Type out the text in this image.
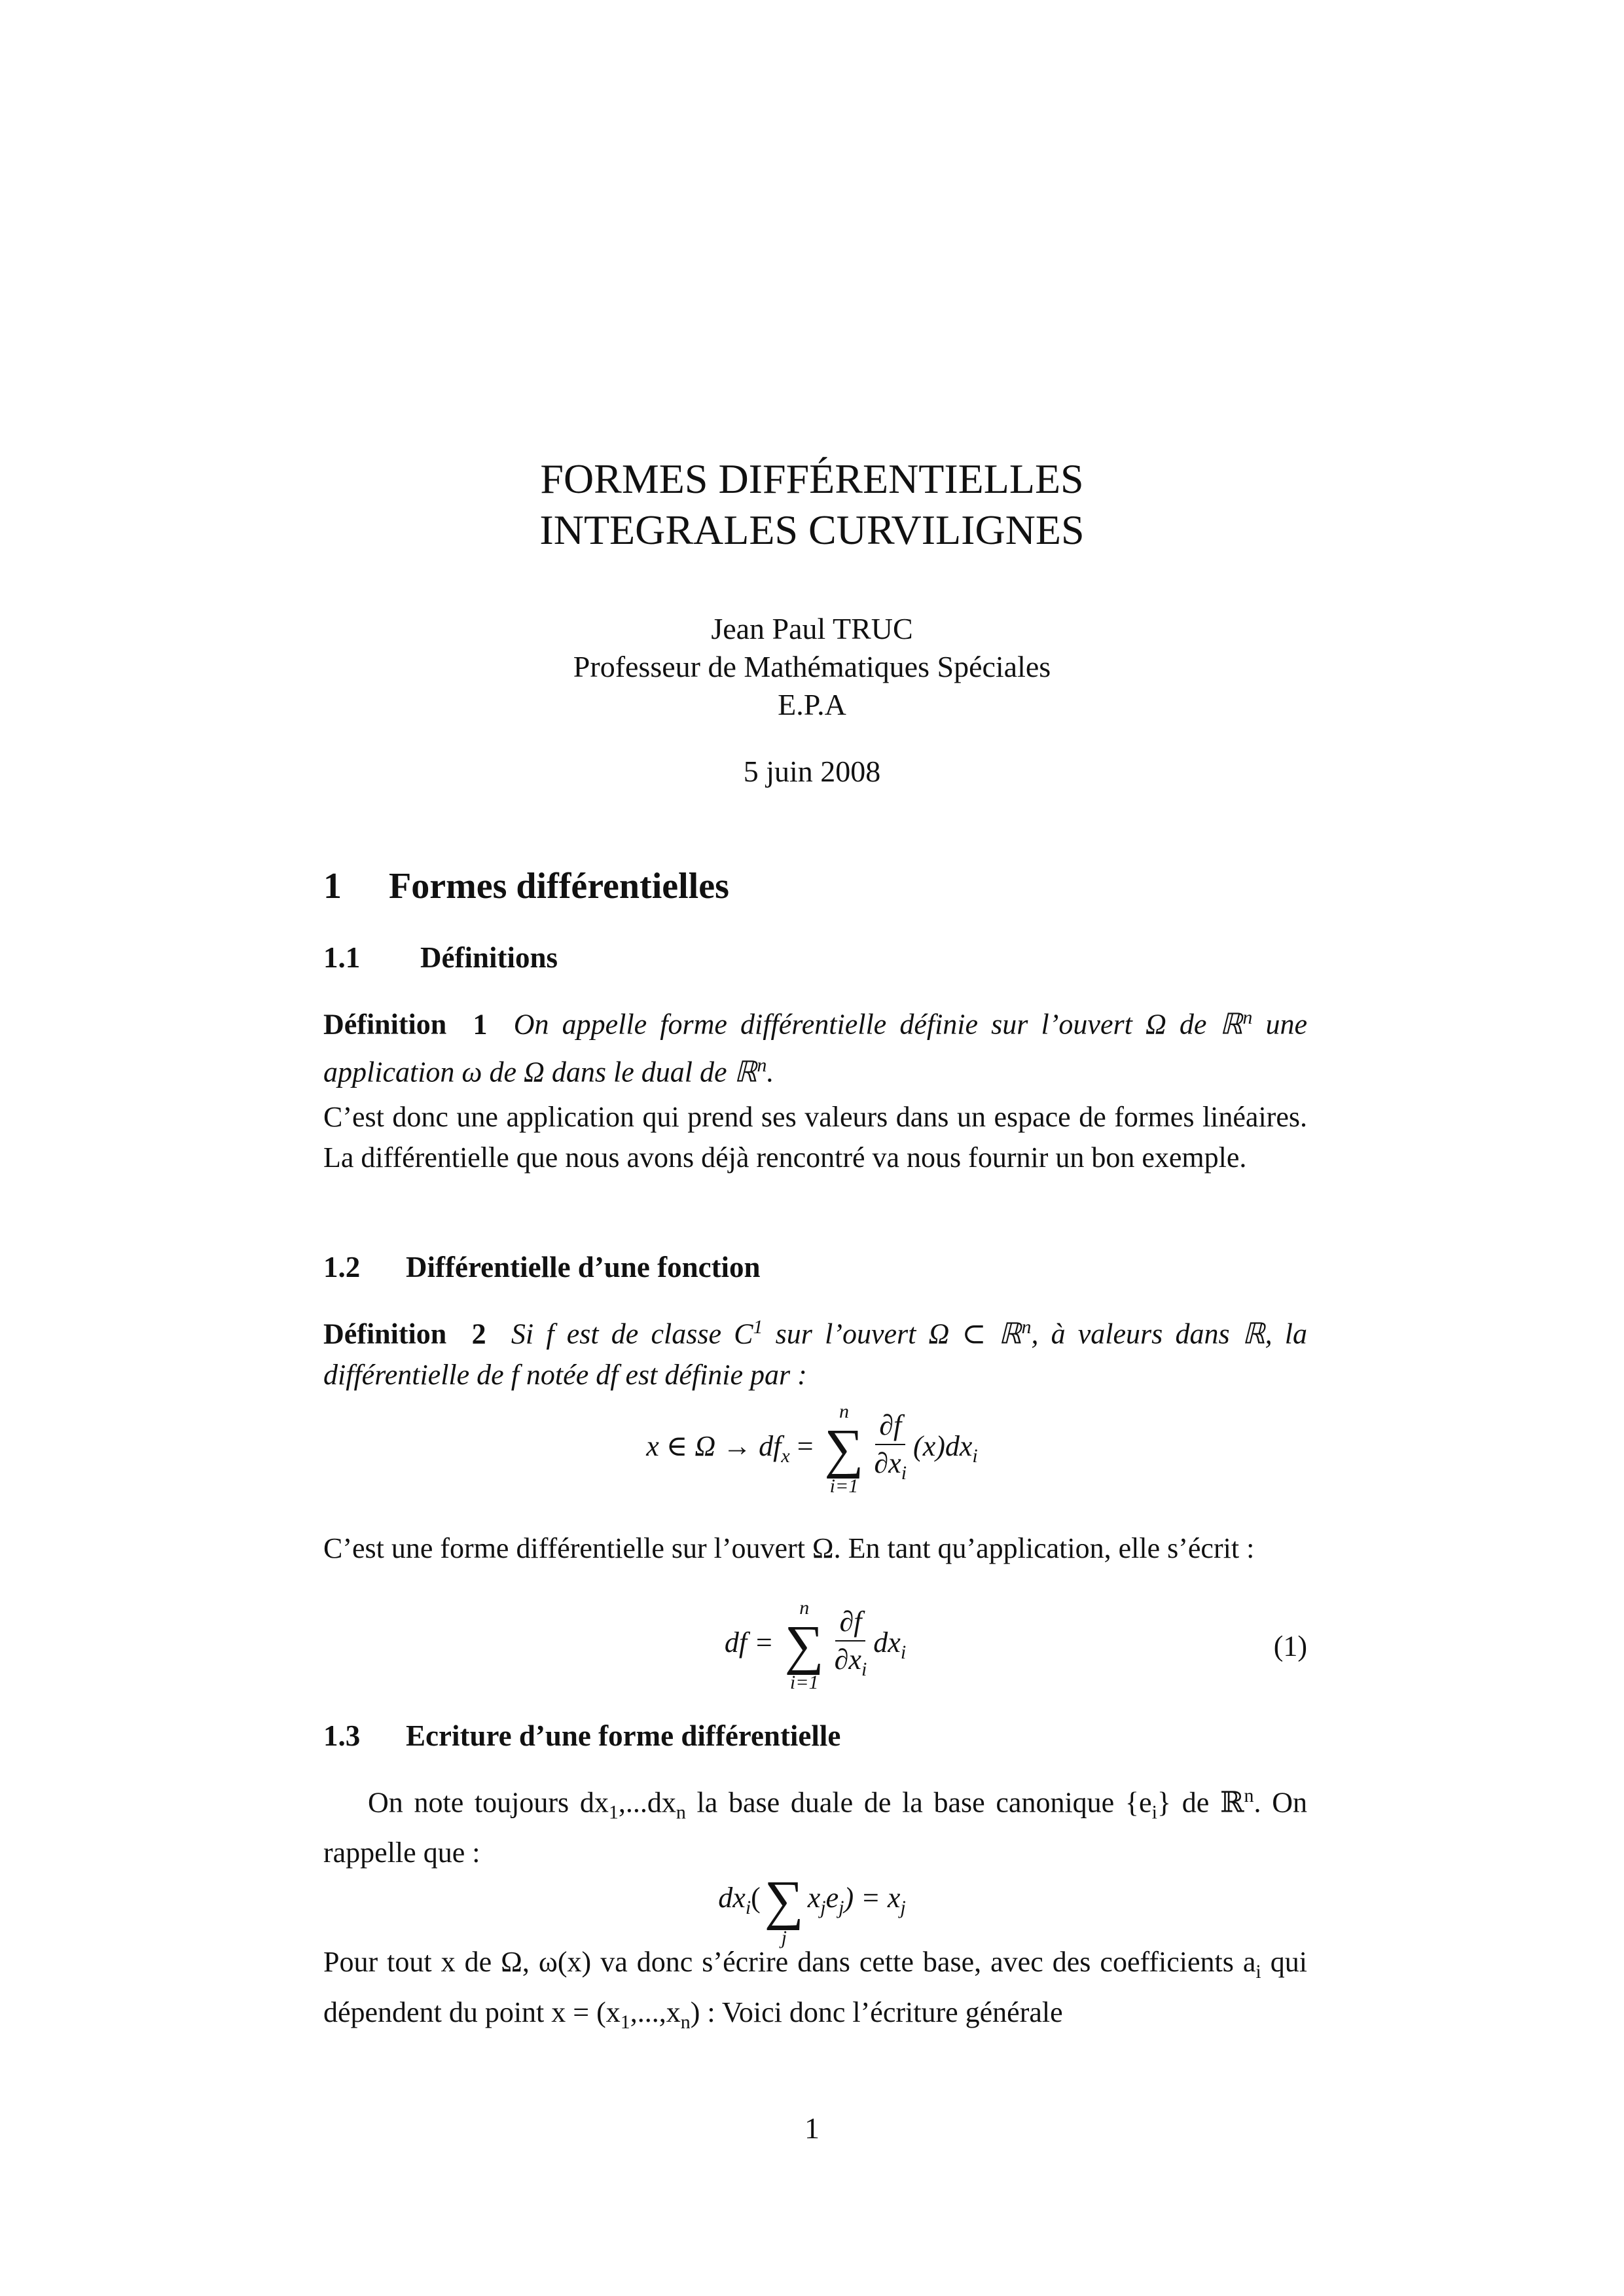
FORMES DIFFÉRENTIELLES
INTEGRALES CURVILIGNES
Jean Paul TRUC
Professeur de Mathématiques Spéciales
E.P.A
5 juin 2008
1 Formes différentielles
1.1 Définitions

Définition 1 On appelle forme différentielle définie sur l’ouvert Ω de ℝ$^n$ une application ω de Ω dans le dual de ℝ$^n$.

C’est donc une application qui prend ses valeurs dans un espace de formes linéaires. La différentielle que nous avons déjà rencontré va nous fournir un bon exemple.

1.2 Différentielle d’une fonction

Définition 2 Si f est de classe $C^1$ sur l’ouvert Ω ⊂ ℝ$^n$, à valeurs dans ℝ, la différentielle de f notée df est définie par :

x ∈ $\Omega \to df_x$ =
n
∑
$i=1 \frac{\partial f}{\partial x_i} (x)dx_i$

C’est une forme différentielle sur l’ouvert Ω. En tant qu’application, elle s’écrit :

df =
n
∑
$i=1 \frac{\partial f}{\partial x_i} dx_i$	(1)
1.3 Ecriture d’une forme différentielle

On note toujours $dx_1,...dx_n$ la base duale de la base canonique $\{e_i\}$ de ℝ$^n$. On rappelle que :

$dx_i$(
∑
j
$x_je_j) = x_j$

Pour tout x de Ω, ω(x) va donc s’écrire dans cette base, avec des coefficients $a_i$ qui dépendent du point $x = (x_1,...,x_n)$ : Voici donc l’écriture générale

1
